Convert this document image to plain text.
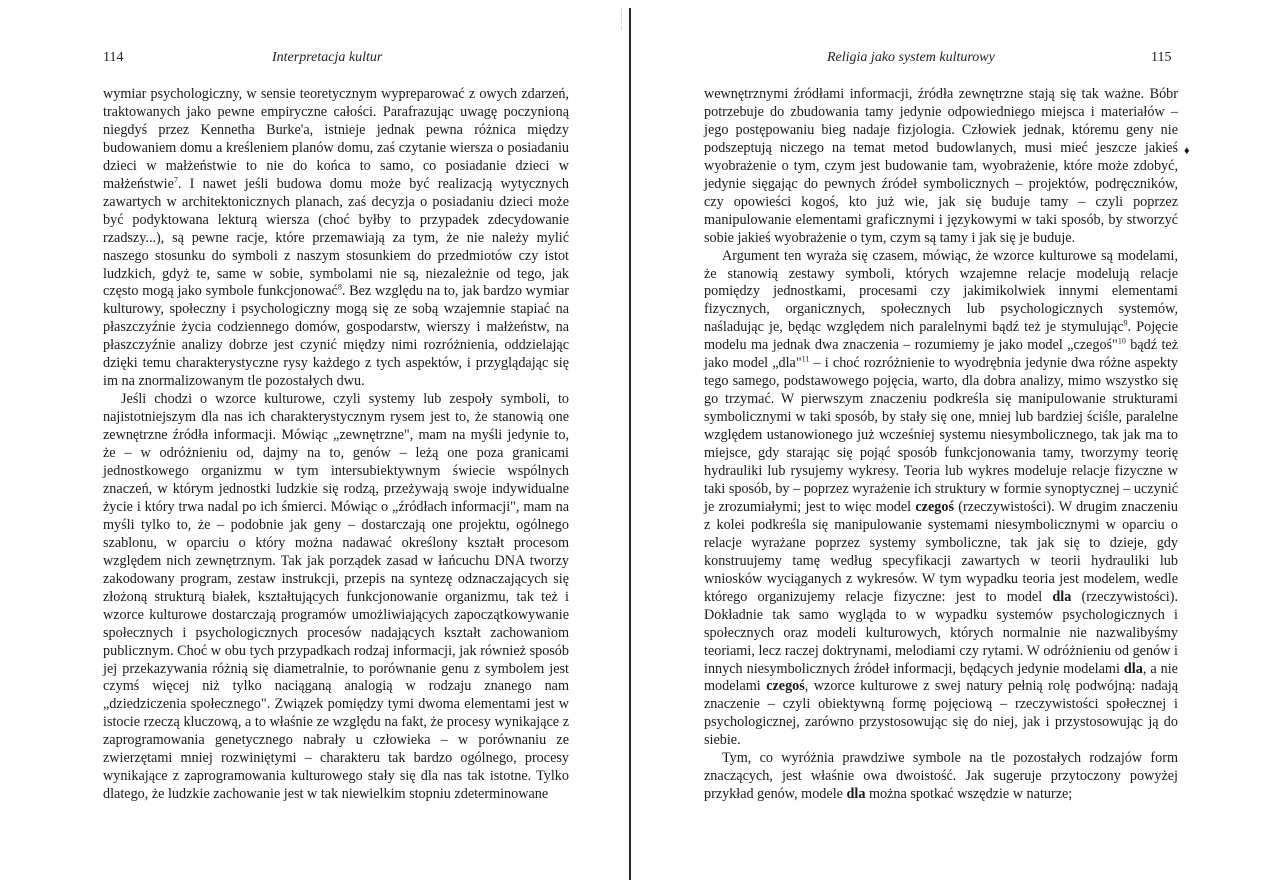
114	Interpretacja kultur

wymiar psychologiczny, w sensie teoretycznym wypreparować z owych zdarzeń, traktowanych jako pewne empiryczne całości. Parafrazując uwagę poczynioną niegdyś przez Kennetha Burke'a, istnieje jednak pewna różnica między budowaniem domu a kreśleniem planów domu, zaś czytanie wiersza o posiadaniu dzieci w małżeństwie to nie do końca to samo, co posiadanie dzieci w małżeństwie$^7$. I nawet jeśli budowa domu może być realizacją wytycznych zawartych w architektonicznych planach, zaś decyzja o posiadaniu dzieci może być podyktowana lekturą wiersza (choć byłby to przypadek zdecydowanie rzadszy...), są pewne racje, które przemawiają za tym, że nie należy mylić naszego stosunku do symboli z naszym stosunkiem do przedmiotów czy istot ludzkich, gdyż te, same w sobie, symbolami nie są, niezależnie od tego, jak często mogą jako symbole funkcjonować$^8$. Bez względu na to, jak bardzo wymiar kulturowy, społeczny i psychologiczny mogą się ze sobą wzajemnie stapiać na płaszczyźnie życia codziennego domów, gospodarstw, wierszy i małżeństw, na płaszczyźnie analizy dobrze jest czynić między nimi rozróżnienia, oddzielając dzięki temu charakterystyczne rysy każdego z tych aspektów, i przyglądając się im na znormalizowanym tle pozostałych dwu.

Jeśli chodzi o wzorce kulturowe, czyli systemy lub zespoły symboli, to najistotniejszym dla nas ich charakterystycznym rysem jest to, że stanowią one zewnętrzne źródła informacji. Mówiąc „zewnętrzne", mam na myśli jedynie to, że – w odróżnieniu od, dajmy na to, genów – leżą one poza granicami jednostkowego organizmu w tym intersubiektywnym świecie wspólnych znaczeń, w którym jednostki ludzkie się rodzą, przeżywają swoje indywidualne życie i który trwa nadal po ich śmierci. Mówiąc o „źródłach informacji", mam na myśli tylko to, że – podobnie jak geny – dostarczają one projektu, ogólnego szablonu, w oparciu o który można nadawać określony kształt procesom względem nich zewnętrznym. Tak jak porządek zasad w łańcuchu DNA tworzy zakodowany program, zestaw instrukcji, przepis na syntezę odznaczających się złożoną strukturą białek, kształtujących funkcjonowanie organizmu, tak też i wzorce kulturowe dostarczają programów umożliwiających zapoczątkowywanie społecznych i psychologicznych procesów nadających kształt zachowaniom publicznym. Choć w obu tych przypadkach rodzaj informacji, jak również sposób jej przekazywania różnią się diametralnie, to porównanie genu z symbolem jest czymś więcej niż tylko naciąganą analogią w rodzaju znanego nam „dziedziczenia społecznego". Związek pomiędzy tymi dwoma elementami jest w istocie rzeczą kluczową, a to właśnie ze względu na fakt, że procesy wynikające z zaprogramowania genetycznego nabrały u człowieka – w porównaniu ze zwierzętami mniej rozwiniętymi – charakteru tak bardzo ogólnego, procesy wynikające z zaprogramowania kulturowego stały się dla nas tak istotne. Tylko dlatego, że ludzkie zachowanie jest w tak niewielkim stopniu zdeterminowane

Religia jako system kulturowy	115

wewnętrznymi źródłami informacji, źródła zewnętrzne stają się tak ważne. Bóbr potrzebuje do zbudowania tamy jedynie odpowiedniego miejsca i materiałów – jego postępowaniu bieg nadaje fizjologia. Człowiek jednak, któremu geny nie podszeptują niczego na temat metod budowlanych, musi mieć jeszcze jakieś wyobrażenie o tym, czym jest budowanie tam, wyobrażenie, które może zdobyć, jedynie sięgając do pewnych źródeł symbolicznych – projektów, podręczników, czy opowieści kogoś, kto już wie, jak się buduje tamy – czyli poprzez manipulowanie elementami graficznymi i językowymi w taki sposób, by stworzyć sobie jakieś wyobrażenie o tym, czym są tamy i jak się je buduje.

Argument ten wyraża się czasem, mówiąc, że wzorce kulturowe są modelami, że stanowią zestawy symboli, których wzajemne relacje modelują relacje pomiędzy jednostkami, procesami czy jakimikolwiek innymi elementami fizycznych, organicznych, społecznych lub psychologicznych systemów, naśladując je, będąc względem nich paralelnymi bądź też je stymulując$^9$. Pojęcie modelu ma jednak dwa znaczenia – rozumiemy je jako model „czegoś"$^{10}$ bądź też jako model „dla"$^{11}$ – i choć rozróżnienie to wyodrębnia jedynie dwa różne aspekty tego samego, podstawowego pojęcia, warto, dla dobra analizy, mimo wszystko się go trzymać. W pierwszym znaczeniu podkreśla się manipulowanie strukturami symbolicznymi w taki sposób, by stały się one, mniej lub bardziej ściśle, paralelne względem ustanowionego już wcześniej systemu niesymbolicznego, tak jak ma to miejsce, gdy starając się pojąć sposób funkcjonowania tamy, tworzymy teorię hydrauliki lub rysujemy wykresy. Teoria lub wykres modeluje relacje fizyczne w taki sposób, by – poprzez wyrażenie ich struktury w formie synoptycznej – uczynić je zrozumiałymi; jest to więc model czegoś (rzeczywistości). W drugim znaczeniu z kolei podkreśla się manipulowanie systemami niesymbolicznymi w oparciu o relacje wyrażane poprzez systemy symboliczne, tak jak się to dzieje, gdy konstruujemy tamę według specyfikacji zawartych w teorii hydrauliki lub wniosków wyciąganych z wykresów. W tym wypadku teoria jest modelem, wedle którego organizujemy relacje fizyczne: jest to model dla (rzeczywistości). Dokładnie tak samo wygląda to w wypadku systemów psychologicznych i społecznych oraz modeli kulturowych, których normalnie nie nazwalibyśmy teoriami, lecz raczej doktrynami, melodiami czy rytami. W odróżnieniu od genów i innych niesymbolicznych źródeł informacji, będących jedynie modelami dla, a nie modelami czegoś, wzorce kulturowe z swej natury pełnią rolę podwójną: nadają znaczenie – czyli obiektywną formę pojęciową – rzeczywistości społecznej i psychologicznej, zarówno przystosowując się do niej, jak i przystosowując ją do siebie.

Tym, co wyróżnia prawdziwe symbole na tle pozostałych rodzajów form znaczących, jest właśnie owa dwoistość. Jak sugeruje przytoczony powyżej przykład genów, modele dla można spotkać wszędzie w naturze;

♦
